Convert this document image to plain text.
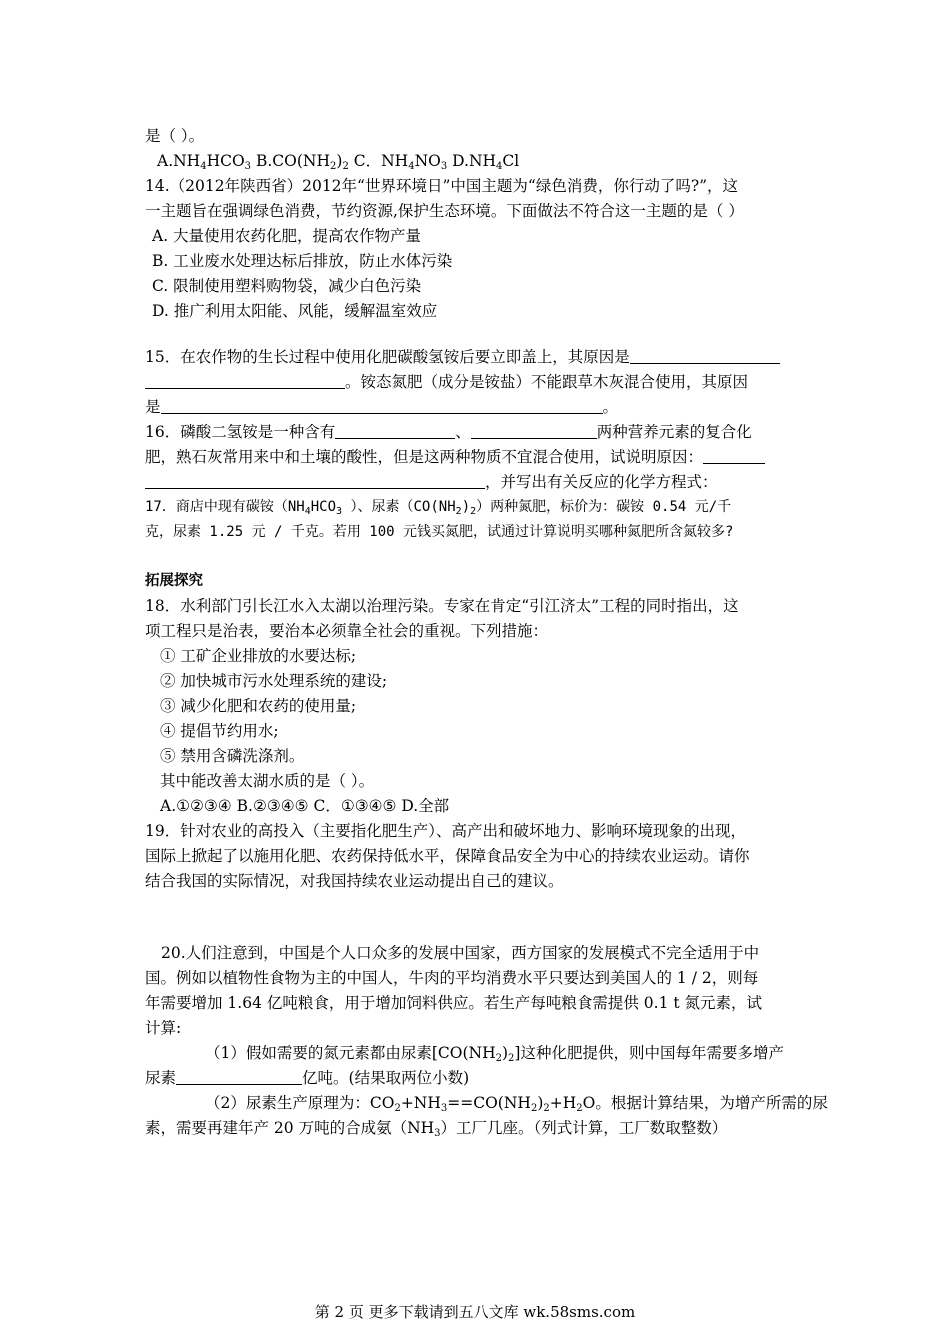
是（ ）。
$A.NH_4HCO_3$ $B.CO(NH_2)_2$ C．$NH_4NO_3$ $D.NH_4Cl$
14.（2012年陕西省）2012年“世界环境日”中国主题为“绿色消费，你行动了吗?”，这
一主题旨在强调绿色消费，节约资源,保护生态环境。下面做法不符合这一主题的是（ ）
A. 大量使用农药化肥，提高农作物产量
B. 工业废水处理达标后排放，防止水体污染
C. 限制使用塑料购物袋，减少白色污染
D. 推广利用太阳能、风能，缓解温室效应
15．在农作物的生长过程中使用化肥碳酸氢铵后要立即盖上，其原因是
。铵态氮肥（成分是铵盐）不能跟草木灰混合使用，其原因
是	。
16．磷酸二氢铵是一种含有	、	两种营养元素的复合化
肥，熟石灰常用来中和土壤的酸性，但是这两种物质不宜混合使用，试说明原因：
，并写出有关反应的化学方程式：
17．商店中现有碳铵（$NH_4HCO_3$ ）、尿素$(CO(NH_2)_2)$两种氮肥，标价为：碳铵 0.54 元/千
克，尿素 1.25 元 / 千克。若用 100 元钱买氮肥，试通过计算说明买哪种氮肥所含氮较多?
拓展探究
18．水利部门引长江水入太湖以治理污染。专家在肯定“引江济太”工程的同时指出，这
项工程只是治表，要治本必须靠全社会的重视。下列措施：
① 工矿企业排放的水要达标;
② 加快城市污水处理系统的建设;
③ 减少化肥和农药的使用量;
④ 提倡节约用水;
⑤ 禁用含磷洗涤剂。
其中能改善太湖水质的是（ ）。
A.①②③④ B.②③④⑤ C．①③④⑤ D.全部
19．针对农业的高投入（主要指化肥生产）、高产出和破坏地力、影响环境现象的出现，
国际上掀起了以施用化肥、农药保持低水平，保障食品安全为中心的持续农业运动。请你
结合我国的实际情况，对我国持续农业运动提出自己的建议。
20.人们注意到，中国是个人口众多的发展中国家，西方国家的发展模式不完全适用于中
国。例如以植物性食物为主的中国人，牛肉的平均消费水平只要达到美国人的 1 / 2，则每
年需要增加 1.64 亿吨粮食，用于增加饲料供应。若生产每吨粮食需提供 0.1 t 氮元素，试
计算:
（1）假如需要的氮元素都由尿素$[CO(NH_2)_2]$这种化肥提供，则中国每年需要多增产
尿素	亿吨。(结果取两位小数)
（2）尿素生产原理为：$CO_2+NH_3==CO(NH_2)_2+H_2O$。根据计算结果，为增产所需的尿
素，需要再建年产 20 万吨的合成氨$(NH_3)$工厂几座。（列式计算，工厂数取整数）
第 2 页 更多下载请到五八文库 wk.58sms.com
